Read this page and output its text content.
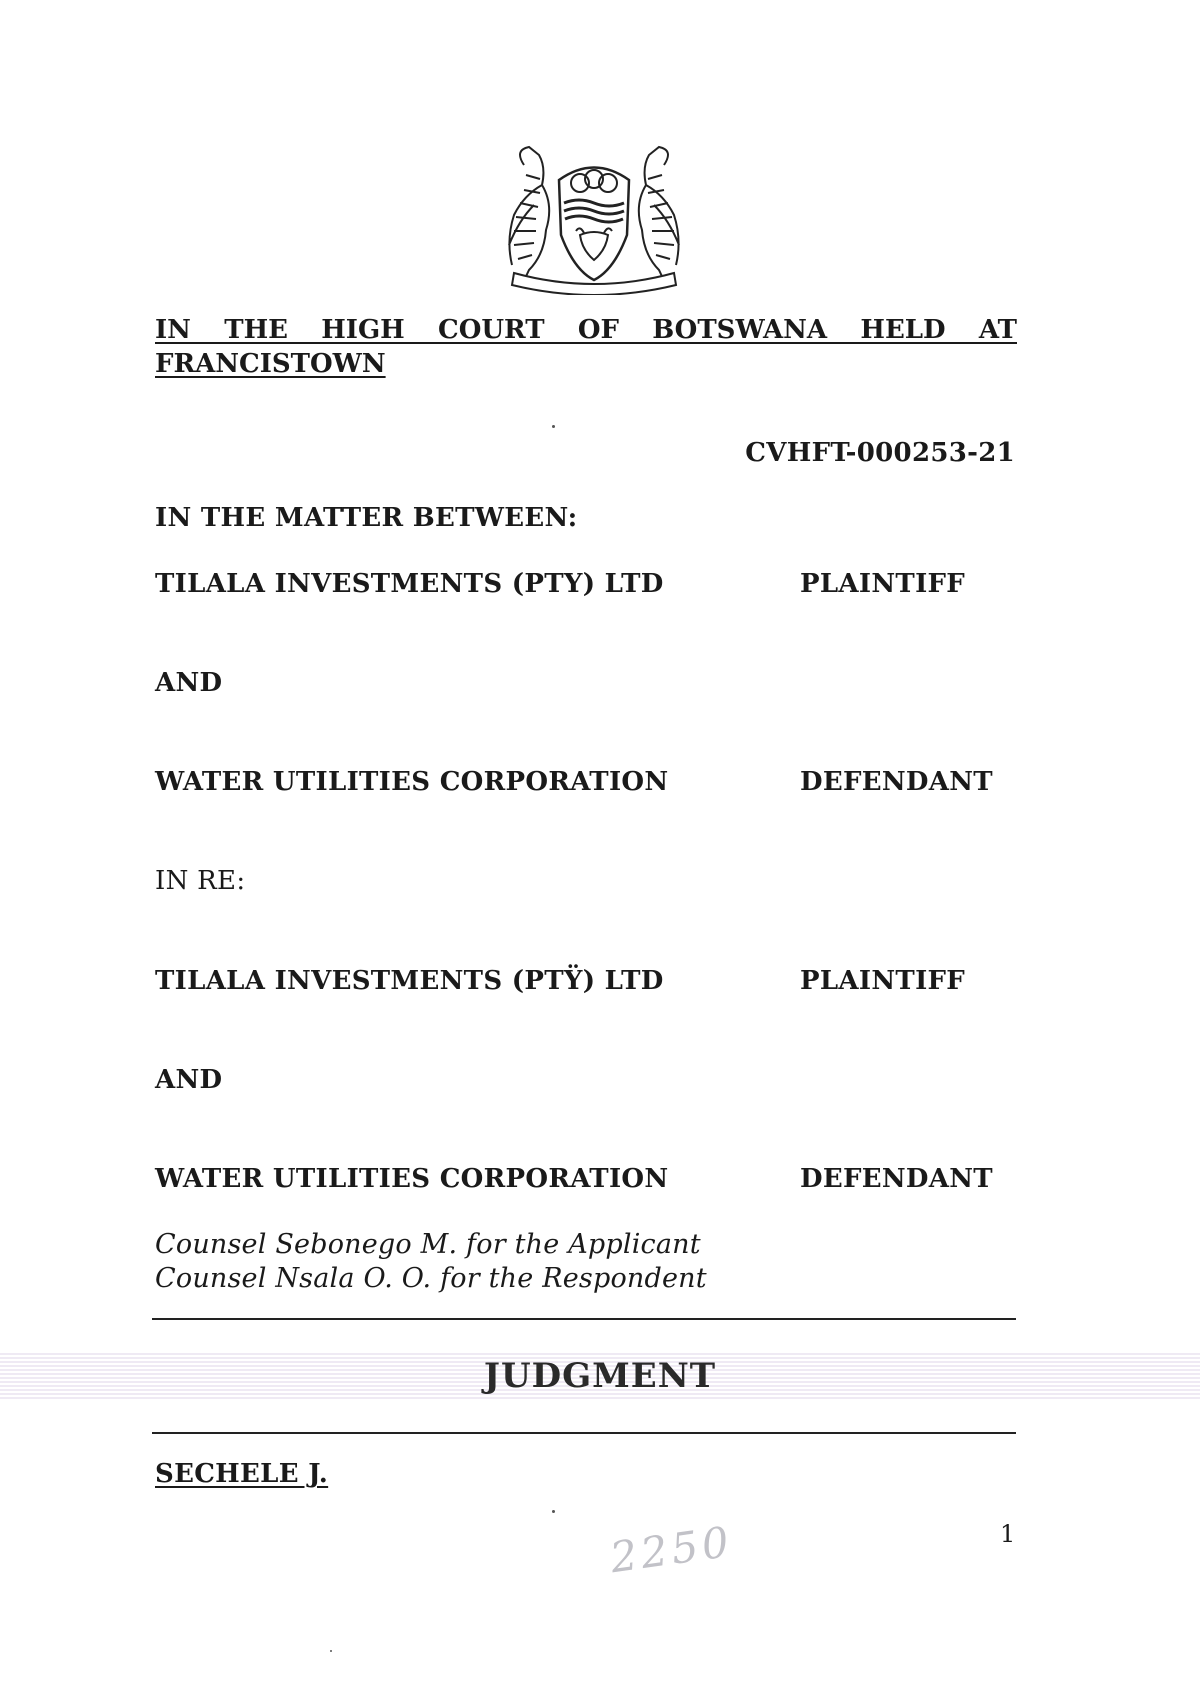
IN THE HIGH COURT OF BOTSWANA HELD AT
FRANCISTOWN
CVHFT-000253-21
IN THE MATTER BETWEEN:
TILALA INVESTMENTS (PTY) LTD	PLAINTIFF
AND
WATER UTILITIES CORPORATION	DEFENDANT
IN RE:
TILALA INVESTMENTS (PTŸ) LTD	PLAINTIFF
AND
WATER UTILITIES CORPORATION	DEFENDANT
Counsel Sebonego M. for the Applicant
Counsel Nsala O. O. for the Respondent
JUDGMENT
SECHELE J.
2250	1
